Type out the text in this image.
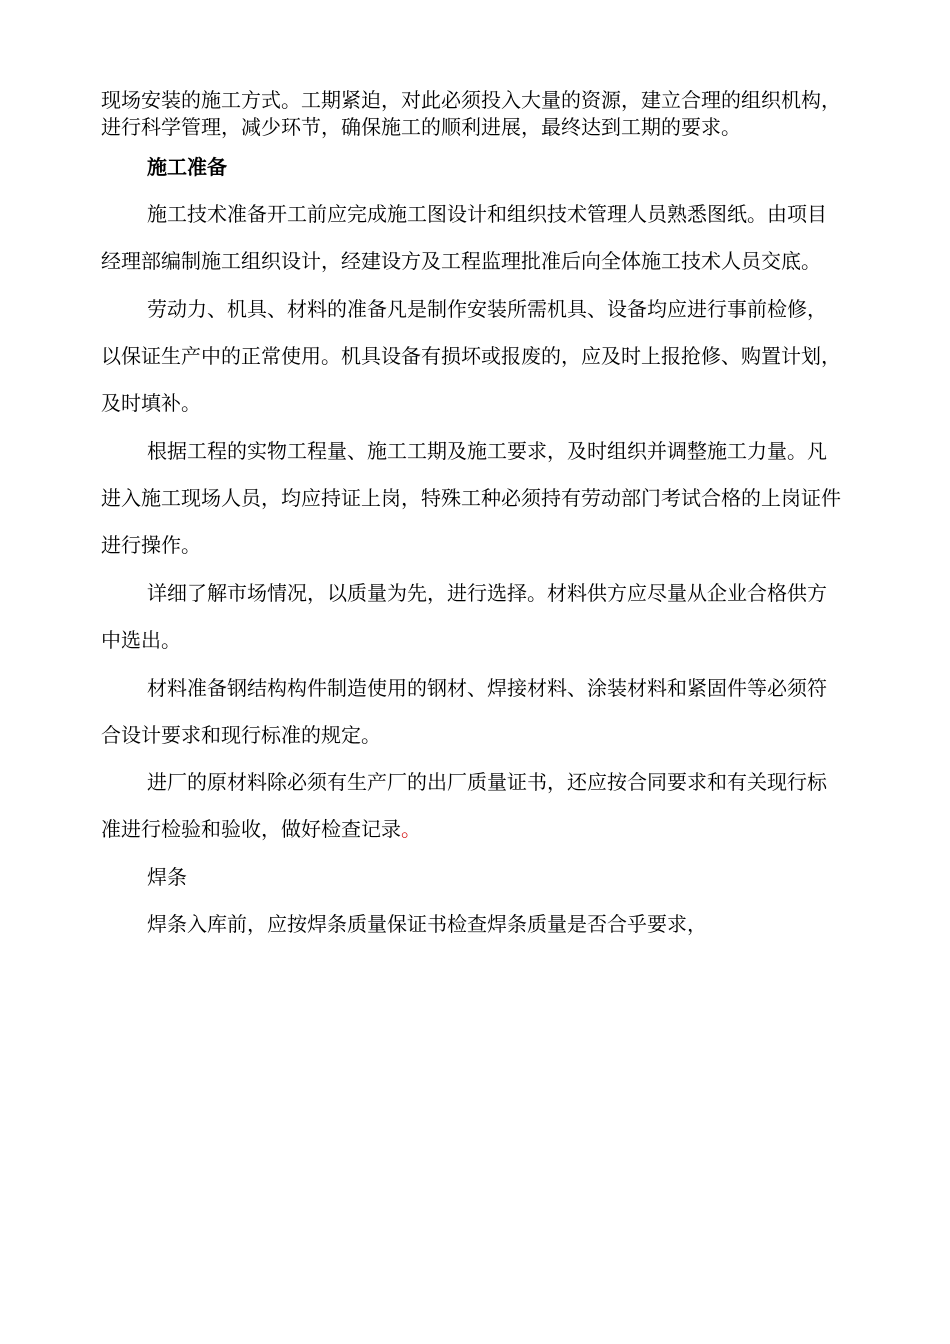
现场安装的施工方式。工期紧迫，对此必须投入大量的资源，建立合理的组织机构，
进行科学管理，减少环节，确保施工的顺利进展，最终达到工期的要求。
施工准备
施工技术准备开工前应完成施工图设计和组织技术管理人员熟悉图纸。由项目
经理部编制施工组织设计，经建设方及工程监理批准后向全体施工技术人员交底。
劳动力、机具、材料的准备凡是制作安装所需机具、设备均应进行事前检修，
以保证生产中的正常使用。机具设备有损坏或报废的，应及时上报抢修、购置计划，
及时填补。
根据工程的实物工程量、施工工期及施工要求，及时组织并调整施工力量。凡
进入施工现场人员，均应持证上岗，特殊工种必须持有劳动部门考试合格的上岗证件
进行操作。
详细了解市场情况，以质量为先，进行选择。材料供方应尽量从企业合格供方
中选出。
材料准备钢结构构件制造使用的钢材、焊接材料、涂装材料和紧固件等必须符
合设计要求和现行标准的规定。
进厂的原材料除必须有生产厂的出厂质量证书，还应按合同要求和有关现行标
准进行检验和验收，做好检查记录。
焊条
焊条入库前，应按焊条质量保证书检查焊条质量是否合乎要求，
